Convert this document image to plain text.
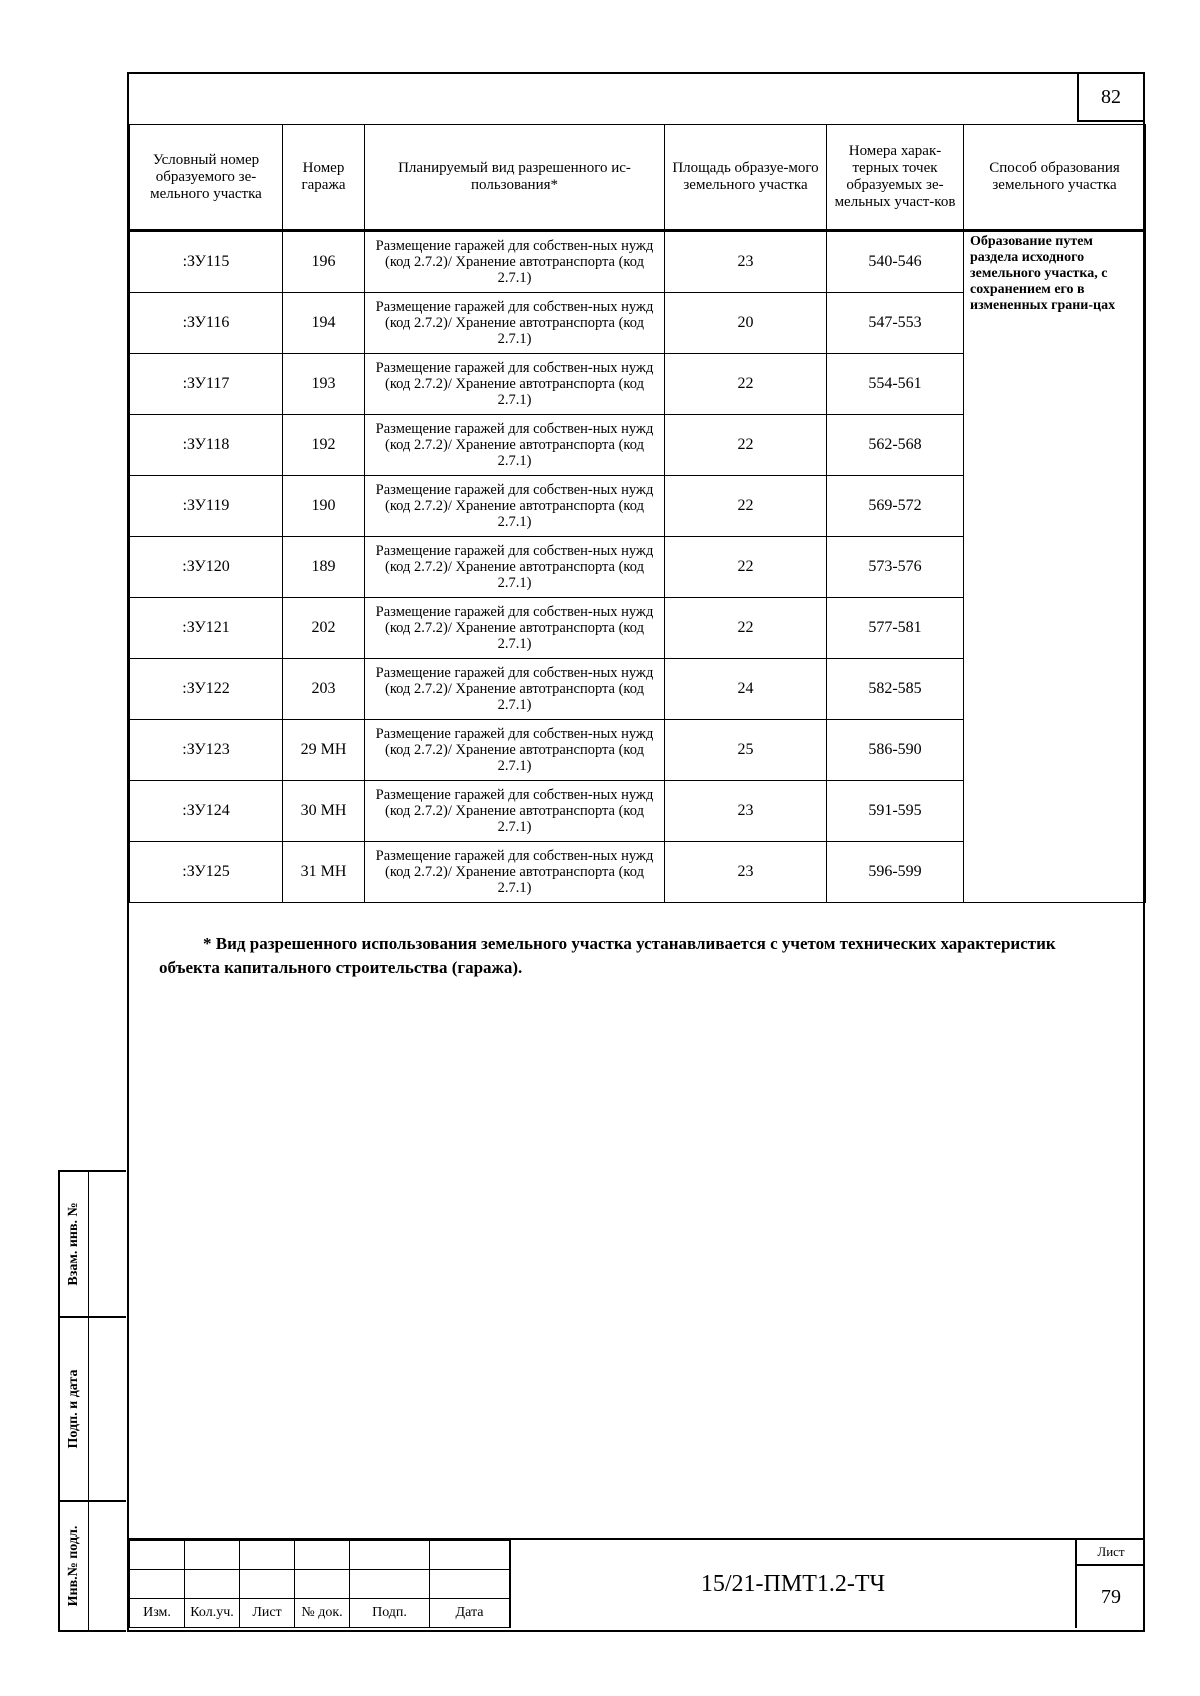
82
Условный номер образуемого зе-мельного участка	Номер гаража	Планируемый вид разрешенного ис-пользования*	Площадь образуе-мого земельного участка	Номера харак-терных точек образуемых зе-мельных участ-ков	Способ образования земельного участка
:ЗУ115	196	Размещение гаражей для собствен-ных нужд (код 2.7.2)/ Хранение автотранспорта (код 2.7.1)	23	540-546	Образование путем раздела исходного земельного участка, с сохранением его в измененных грани-цах
:ЗУ116	194	Размещение гаражей для собствен-ных нужд (код 2.7.2)/ Хранение автотранспорта (код 2.7.1)	20	547-553	
:ЗУ117	193	Размещение гаражей для собствен-ных нужд (код 2.7.2)/ Хранение автотранспорта (код 2.7.1)	22	554-561	
:ЗУ118	192	Размещение гаражей для собствен-ных нужд (код 2.7.2)/ Хранение автотранспорта (код 2.7.1)	22	562-568	
:ЗУ119	190	Размещение гаражей для собствен-ных нужд (код 2.7.2)/ Хранение автотранспорта (код 2.7.1)	22	569-572	
:ЗУ120	189	Размещение гаражей для собствен-ных нужд (код 2.7.2)/ Хранение автотранспорта (код 2.7.1)	22	573-576	
:ЗУ121	202	Размещение гаражей для собствен-ных нужд (код 2.7.2)/ Хранение автотранспорта (код 2.7.1)	22	577-581	
:ЗУ122	203	Размещение гаражей для собствен-ных нужд (код 2.7.2)/ Хранение автотранспорта (код 2.7.1)	24	582-585	
:ЗУ123	29 МН	Размещение гаражей для собствен-ных нужд (код 2.7.2)/ Хранение автотранспорта (код 2.7.1)	25	586-590	
:ЗУ124	30 МН	Размещение гаражей для собствен-ных нужд (код 2.7.2)/ Хранение автотранспорта (код 2.7.1)	23	591-595	
:ЗУ125	31 МН	Размещение гаражей для собствен-ных нужд (код 2.7.2)/ Хранение автотранспорта (код 2.7.1)	23	596-599	
* Вид разрешенного использования земельного участка устанавливается с учетом технических характеристик объекта капитального строительства (гаража).

Изм.	Кол.уч.	Лист	№ док.	Подп.	Дата
15/21-ПМТ1.2-ТЧ
Лист
79
Взам. инв. №
Подп. и дата
Инв.№ подл.
